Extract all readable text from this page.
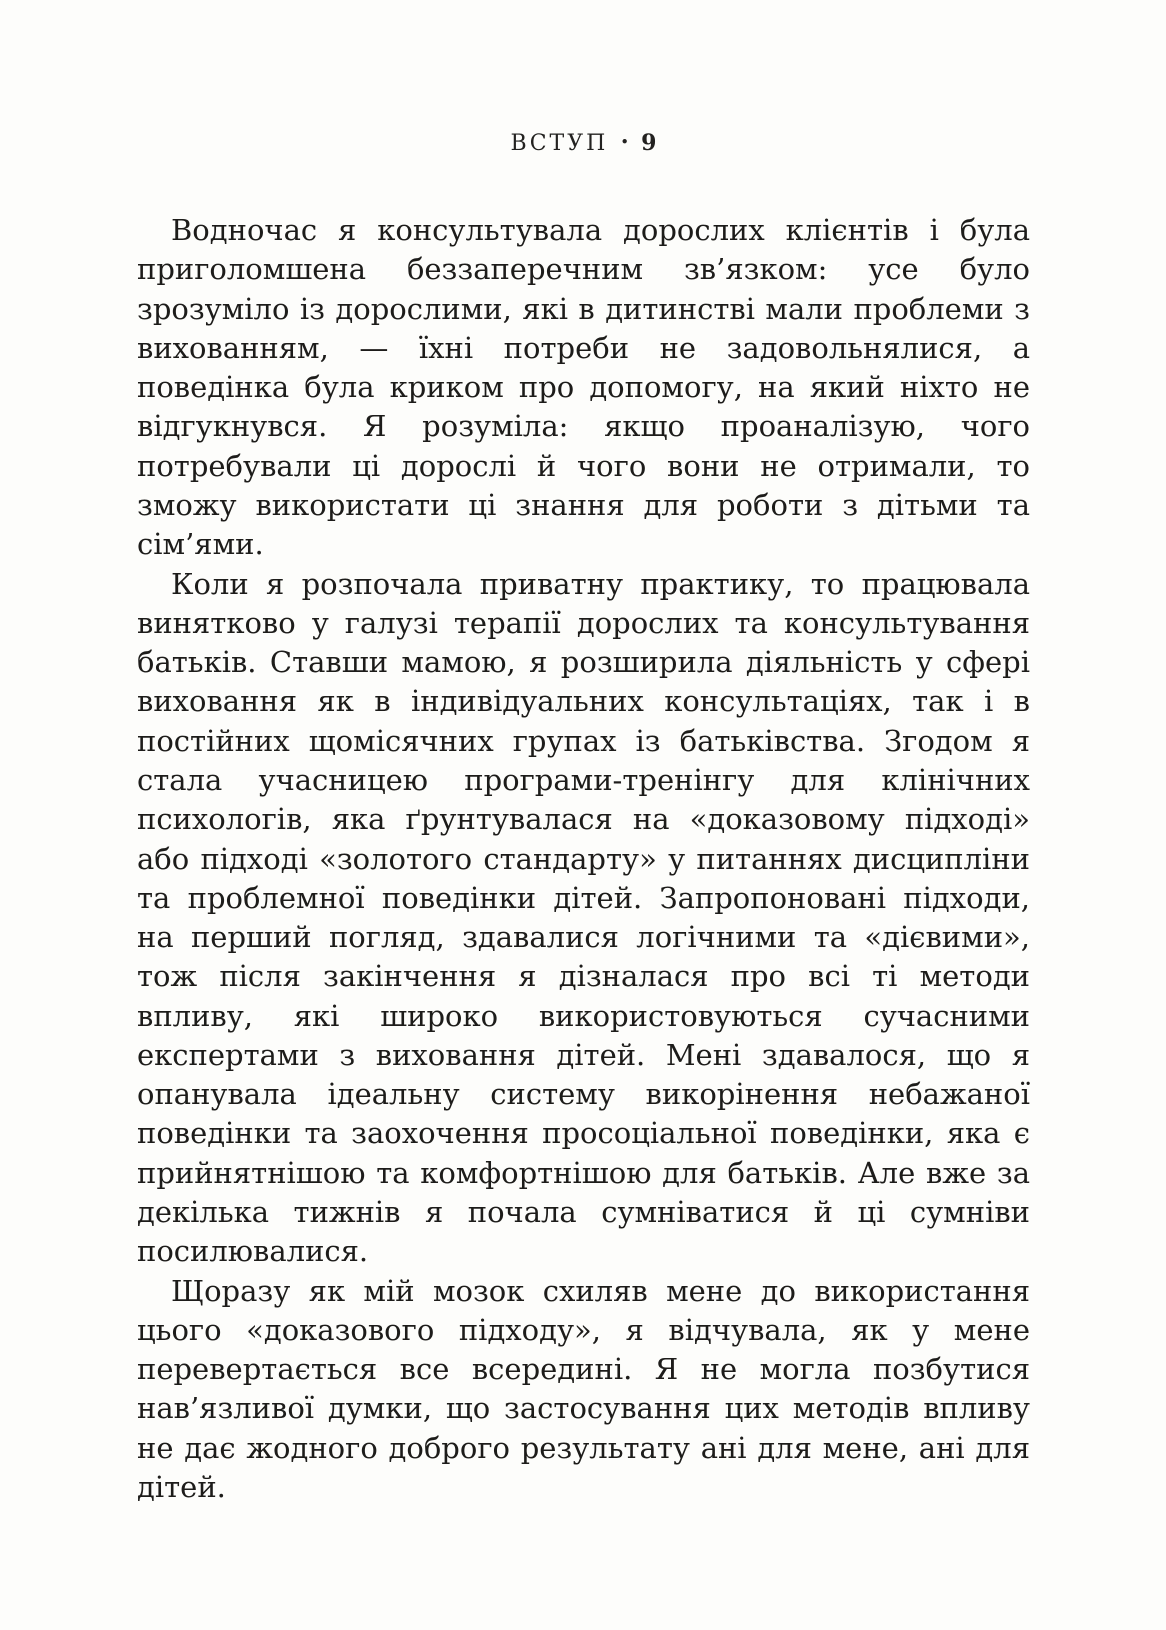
ВСТУП • 9

Водночас я консультувала дорослих клієнтів і була приголомшена беззаперечним зв’язком: усе було зрозуміло із дорослими, які в дитинстві мали проблеми з вихованням, — їхні потреби не задовольнялися, а поведінка була криком про допомогу, на який ніхто не відгукнувся. Я розуміла: якщо проаналізую, чого потребували ці дорослі й чого вони не отримали, то зможу використати ці знання для роботи з дітьми та сім’ями.

Коли я розпочала приватну практику, то працювала винятково у галузі терапії дорослих та консультування батьків. Ставши мамою, я розширила діяльність у сфері виховання як в індивідуальних консультаціях, так і в постійних щомісячних групах із батьківства. Згодом я стала учасницею програми-тренінгу для клінічних психологів, яка ґрунтувалася на «доказовому підході» або підході «золотого стандарту» у питаннях дисципліни та проблемної поведінки дітей. Запропоновані підходи, на перший погляд, здавалися логічними та «дієвими», тож після закінчення я дізналася про всі ті методи впливу, які широко використовуються сучасними експертами з виховання дітей. Мені здавалося, що я опанувала ідеальну систему викорінення небажаної поведінки та заохочення просоціальної поведінки, яка є прийнятнішою та комфортнішою для батьків. Але вже за декілька тижнів я почала сумніватися й ці сумніви посилювалися.

Щоразу як мій мозок схиляв мене до використання цього «доказового підходу», я відчувала, як у мене перевертається все всередині. Я не могла позбутися нав’язливої думки, що застосування цих методів впливу не дає жодного доброго результату ані для мене, ані для дітей.
